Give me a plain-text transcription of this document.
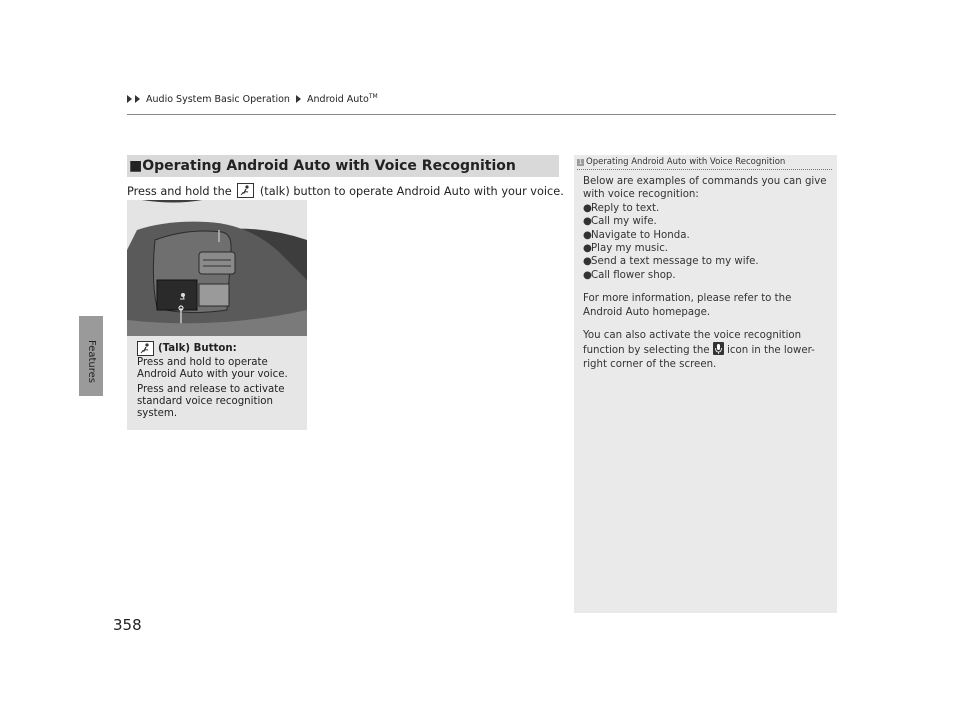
Audio System Basic Operation Android Auto™
Features
358
■Operating Android Auto with Voice Recognition
Press and hold the (talk) button to operate Android Auto with your voice.
(Talk) Button:
Press and hold to operate Android Auto with your voice.
Press and release to activate standard voice recognition system.
1 Operating Android Auto with Voice Recognition
Below are examples of commands you can give with voice recognition:
● Reply to text.
● Call my wife.
● Navigate to Honda.
● Play my music.
● Send a text message to my wife.
● Call flower shop.
For more information, please refer to the Android Auto homepage.
You can also activate the voice recognition function by selecting the icon in the lower-right corner of the screen.
